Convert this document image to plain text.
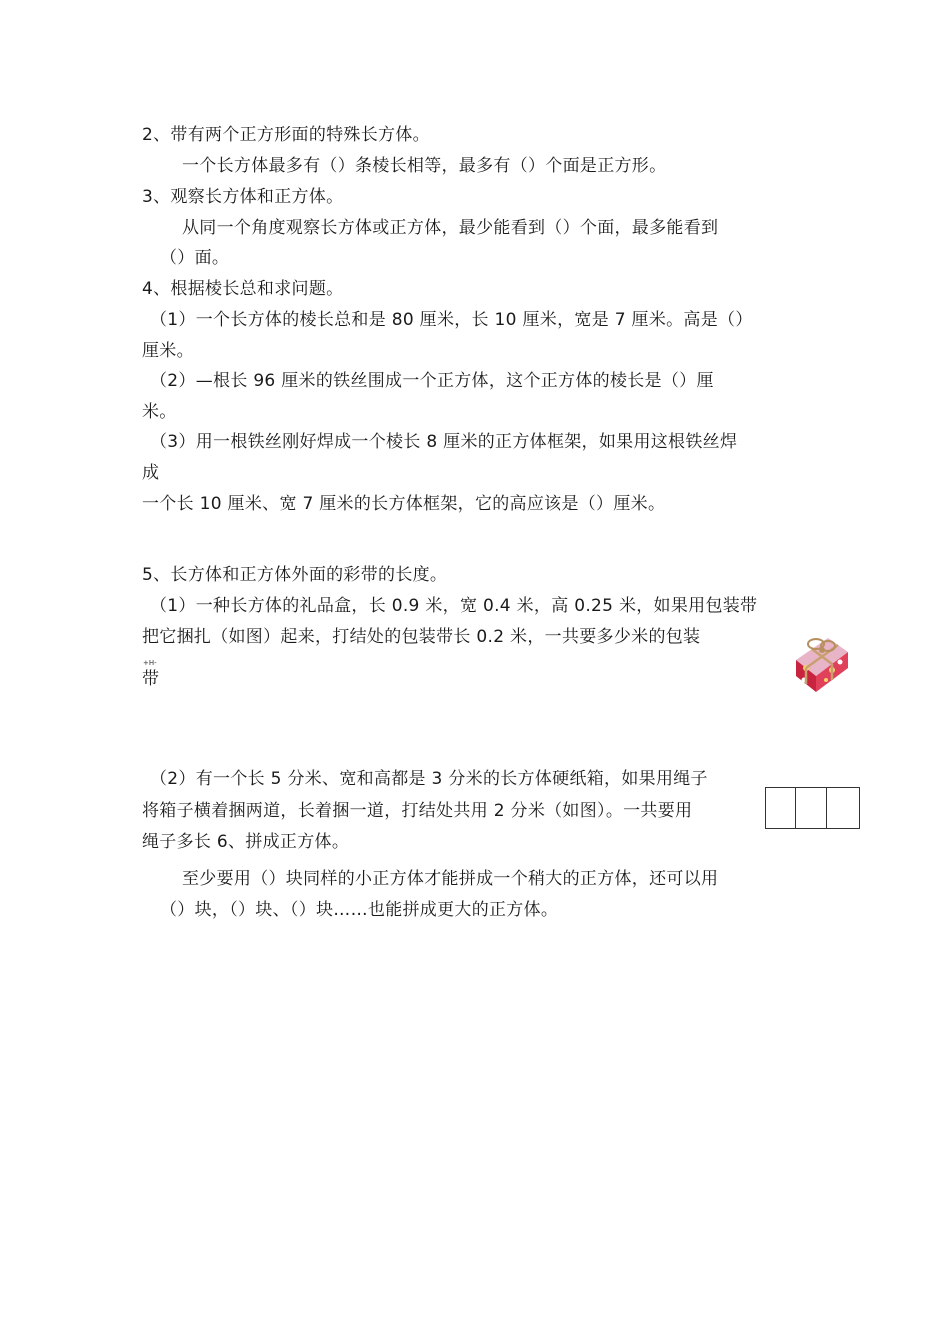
2、带有两个正方形面的特殊长方体。
一个长方体最多有（）条棱长相等，最多有（）个面是正方形。
3、观察长方体和正方体。
从同一个角度观察长方体或正方体，最少能看到（）个面，最多能看到
（）面。
4、根据棱长总和求问题。
（1）一个长方体的棱长总和是 80 厘米，长 10 厘米，宽是 7 厘米。高是（）
厘米。
（2）—根长 96 厘米的铁丝围成一个正方体，这个正方体的棱长是（）厘
米。
（3）用一根铁丝刚好焊成一个棱长 8 厘米的正方体框架，如果用这根铁丝焊
成
一个长 10 厘米、宽 7 厘米的长方体框架，它的高应该是（）厘米。
5、长方体和正方体外面的彩带的长度。
（1）一种长方体的礼品盒，长 0.9 米，宽 0.4 米，高 0.25 米，如果用包装带
把它捆扎（如图）起来，打结处的包装带长 0.2 米，一共要多少米的包装
+H-
带
（2）有一个长 5 分米、宽和高都是 3 分米的长方体硬纸箱，如果用绳子
将箱子横着捆两道，长着捆一道，打结处共用 2 分米（如图）。一共要用
绳子多长 6、拼成正方体。
至少要用（）块同样的小正方体才能拼成一个稍大的正方体，还可以用
（）块，（）块、（）块……也能拼成更大的正方体。
